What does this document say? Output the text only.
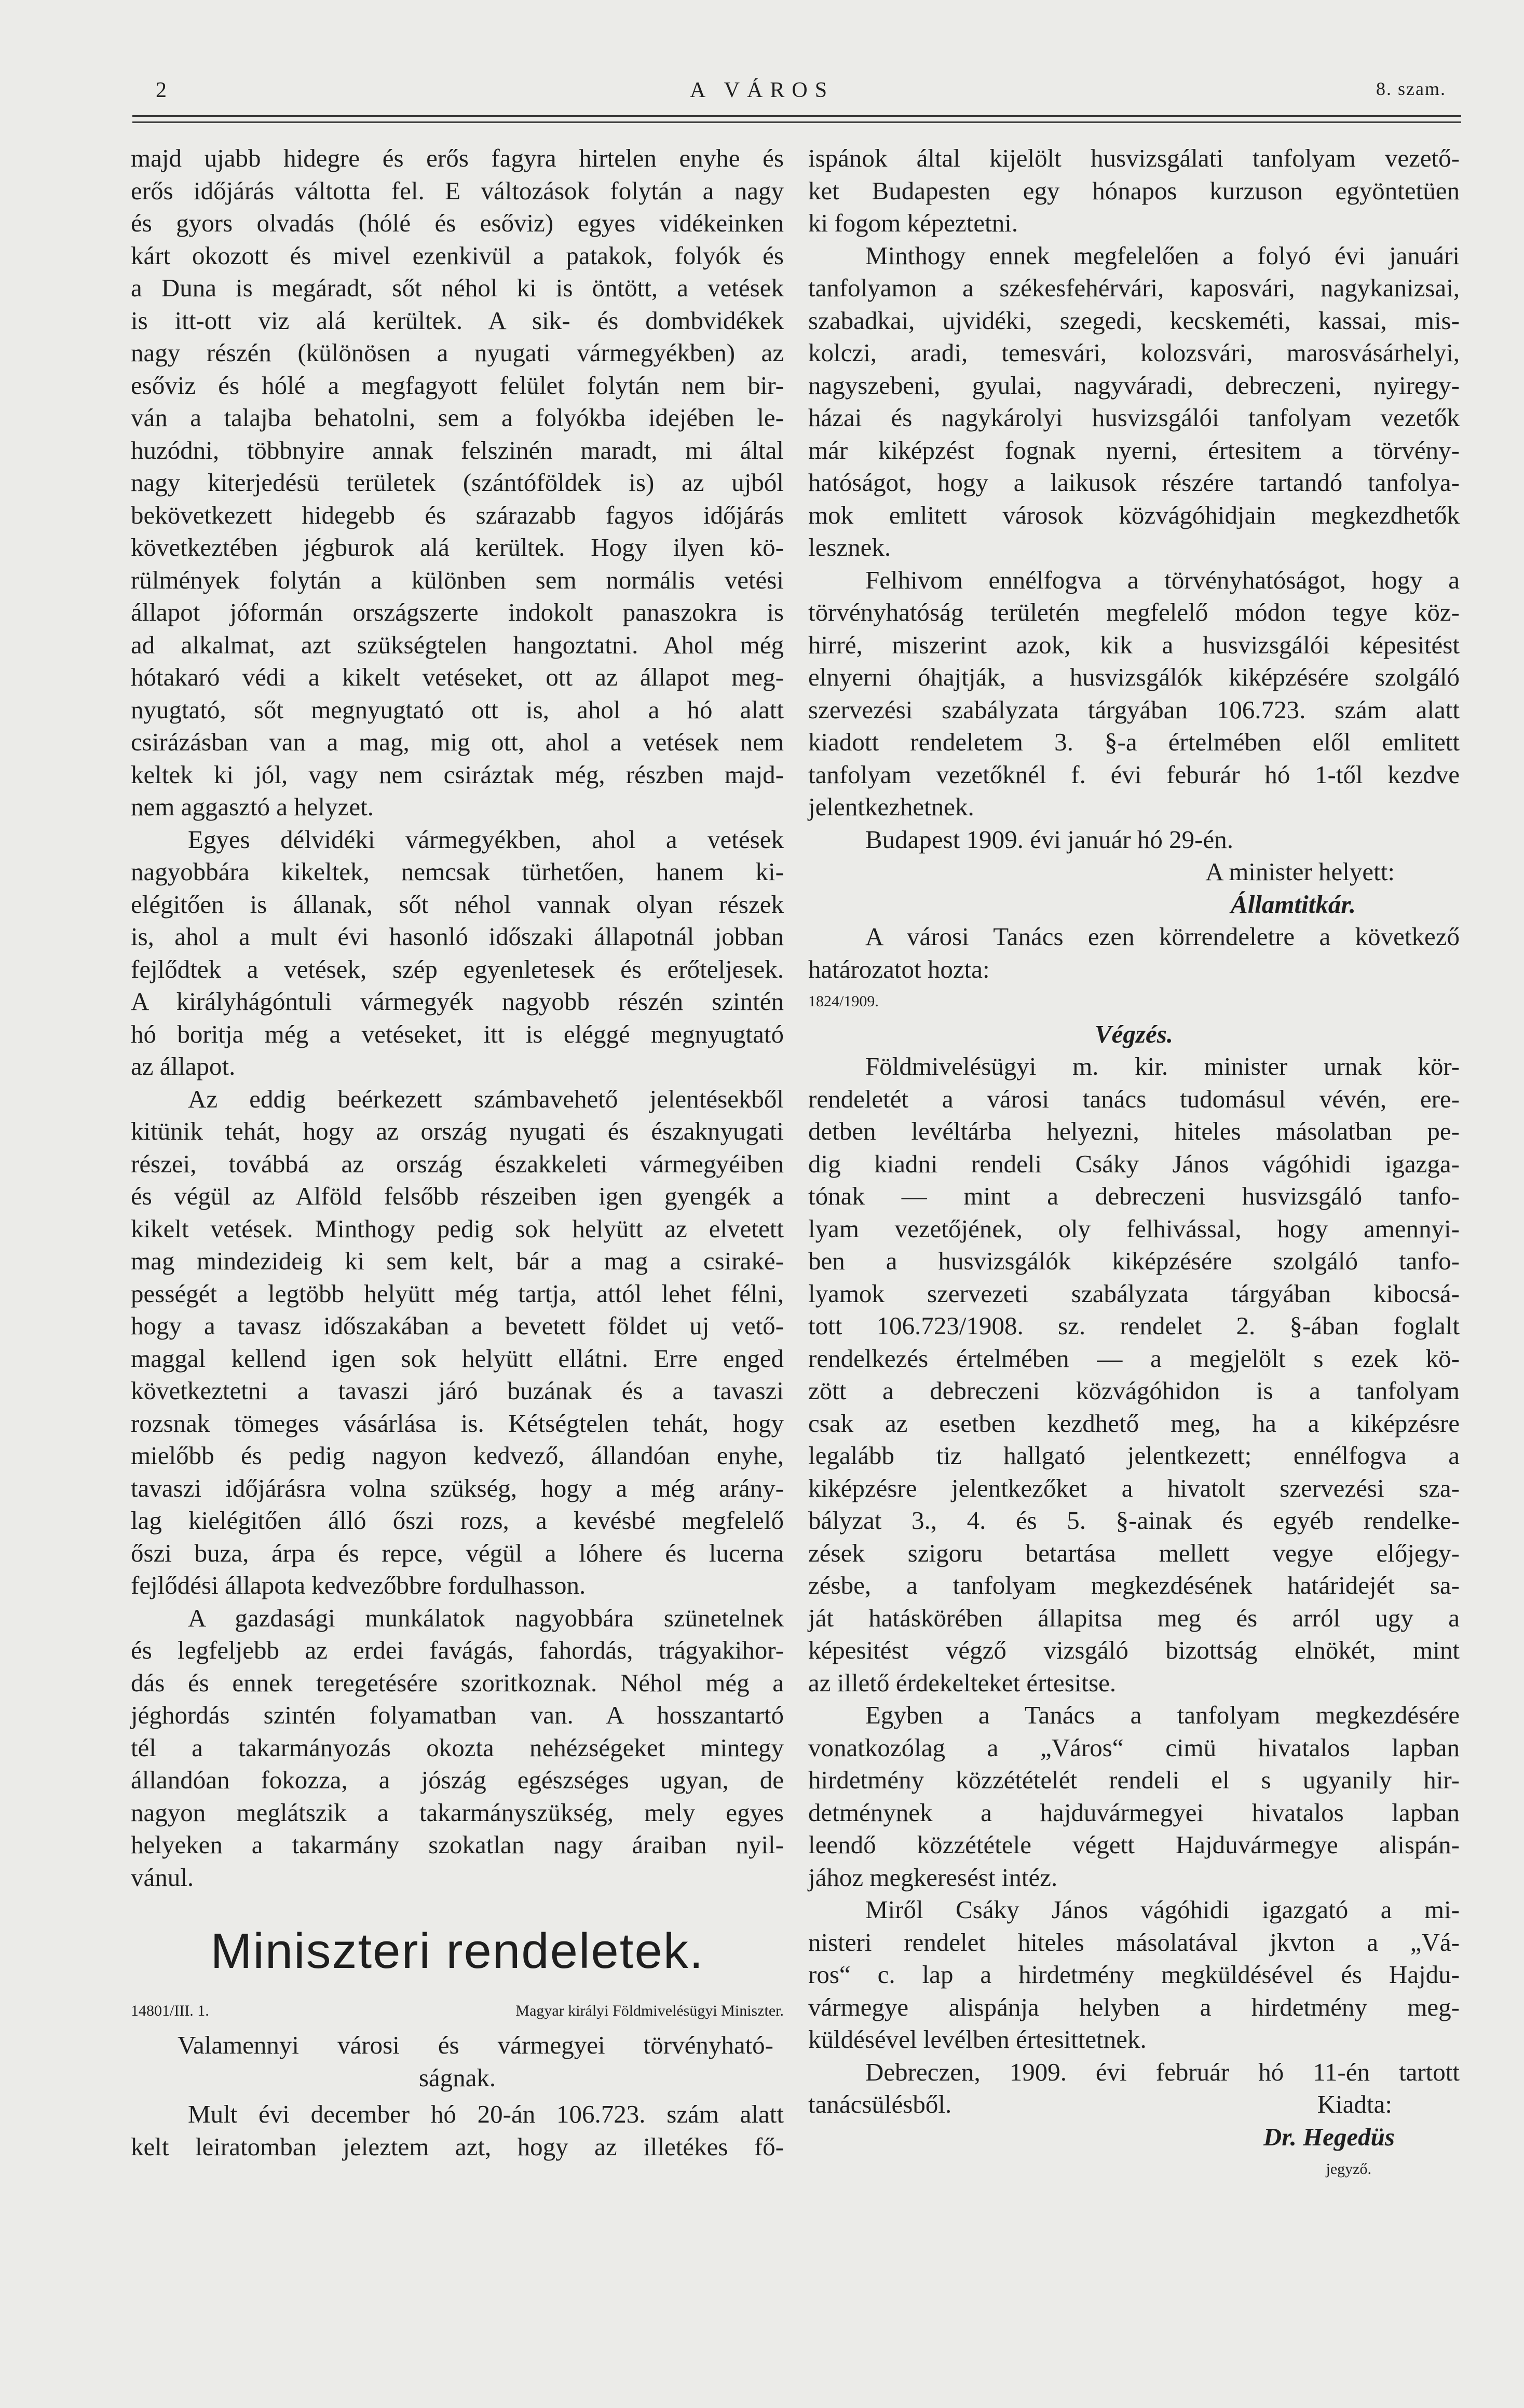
2	A VÁROS	8. szam.
majd ujabb hidegre és erős fagyra hirtelen enyhe és
erős időjárás váltotta fel. E változások folytán a nagy
és gyors olvadás (hólé és esőviz) egyes vidékeinken
kárt okozott és mivel ezenkivül a patakok, folyók és
a Duna is megáradt, sőt néhol ki is öntött, a vetések
is itt-ott viz alá kerültek. A sik- és dombvidékek
nagy részén (különösen a nyugati vármegyékben) az
esőviz és hólé a megfagyott felület folytán nem bir-
ván a talajba behatolni, sem a folyókba idejében le-
huzódni, többnyire annak felszinén maradt, mi által
nagy kiterjedésü területek (szántóföldek is) az ujból
bekövetkezett hidegebb és szárazabb fagyos időjárás
következtében jégburok alá kerültek. Hogy ilyen kö-
rülmények folytán a különben sem normális vetési
állapot jóformán országszerte indokolt panaszokra is
ad alkalmat, azt szükségtelen hangoztatni. Ahol még
hótakaró védi a kikelt vetéseket, ott az állapot meg-
nyugtató, sőt megnyugtató ott is, ahol a hó alatt
csirázásban van a mag, mig ott, ahol a vetések nem
keltek ki jól, vagy nem csiráztak még, részben majd-
nem aggasztó a helyzet.
Egyes délvidéki vármegyékben, ahol a vetések
nagyobbára kikeltek, nemcsak türhetően, hanem ki-
elégitően is állanak, sőt néhol vannak olyan részek
is, ahol a mult évi hasonló időszaki állapotnál jobban
fejlődtek a vetések, szép egyenletesek és erőteljesek.
A királyhágóntuli vármegyék nagyobb részén szintén
hó boritja még a vetéseket, itt is eléggé megnyugtató
az állapot.
Az eddig beérkezett számbavehető jelentésekből
kitünik tehát, hogy az ország nyugati és északnyugati
részei, továbbá az ország északkeleti vármegyéiben
és végül az Alföld felsőbb részeiben igen gyengék a
kikelt vetések. Minthogy pedig sok helyütt az elvetett
mag mindezideig ki sem kelt, bár a mag a csiraké-
pességét a legtöbb helyütt még tartja, attól lehet félni,
hogy a tavasz időszakában a bevetett földet uj vető-
maggal kellend igen sok helyütt ellátni. Erre enged
következtetni a tavaszi járó buzának és a tavaszi
rozsnak tömeges vásárlása is. Kétségtelen tehát, hogy
mielőbb és pedig nagyon kedvező, állandóan enyhe,
tavaszi időjárásra volna szükség, hogy a még arány-
lag kielégitően álló őszi rozs, a kevésbé megfelelő
őszi buza, árpa és repce, végül a lóhere és lucerna
fejlődési állapota kedvezőbbre fordulhasson.
A gazdasági munkálatok nagyobbára szünetelnek
és legfeljebb az erdei favágás, fahordás, trágyakihor-
dás és ennek teregetésére szoritkoznak. Néhol még a
jéghordás szintén folyamatban van. A hosszantartó
tél a takarmányozás okozta nehézségeket mintegy
állandóan fokozza, a jószág egészséges ugyan, de
nagyon meglátszik a takarmányszükség, mely egyes
helyeken a takarmány szokatlan nagy áraiban nyil-
vánul.
ispánok által kijelölt husvizsgálati tanfolyam vezető-
ket Budapesten egy hónapos kurzuson egyöntetüen
ki fogom képeztetni.
Minthogy ennek megfelelően a folyó évi januári
tanfolyamon a székesfehérvári, kaposvári, nagykanizsai,
szabadkai, ujvidéki, szegedi, kecskeméti, kassai, mis-
kolczi, aradi, temesvári, kolozsvári, marosvásárhelyi,
nagyszebeni, gyulai, nagyváradi, debreczeni, nyiregy-
házai és nagykárolyi husvizsgálói tanfolyam vezetők
már kiképzést fognak nyerni, értesitem a törvény-
hatóságot, hogy a laikusok részére tartandó tanfolya-
mok emlitett városok közvágóhidjain megkezdhetők
lesznek.
Felhivom ennélfogva a törvényhatóságot, hogy a
törvényhatóság területén megfelelő módon tegye köz-
hirré, miszerint azok, kik a husvizsgálói képesitést
elnyerni óhajtják, a husvizsgálók kiképzésére szolgáló
szervezési szabályzata tárgyában 106.723. szám alatt
kiadott rendeletem 3. §-a értelmében elől emlitett
tanfolyam vezetőknél f. évi feburár hó 1-től kezdve
jelentkezhetnek.
Budapest 1909. évi január hó 29-én.
A minister helyett:
Államtitkár.
A városi Tanács ezen körrendeletre a következő
határozatot hozta:
1824/1909.
Végzés.
Földmivelésügyi m. kir. minister urnak kör-
rendeletét a városi tanács tudomásul vévén, ere-
detben levéltárba helyezni, hiteles másolatban pe-
dig kiadni rendeli Csáky János vágóhidi igazga-
tónak — mint a debreczeni husvizsgáló tanfo-
lyam vezetőjének, oly felhivással, hogy amennyi-
ben a husvizsgálók kiképzésére szolgáló tanfo-
lyamok szervezeti szabályzata tárgyában kibocsá-
tott 106.723/1908. sz. rendelet 2. §-ában foglalt
rendelkezés értelmében — a megjelölt s ezek kö-
zött a debreczeni közvágóhidon is a tanfolyam
csak az esetben kezdhető meg, ha a kiképzésre
legalább tiz hallgató jelentkezett; ennélfogva a
kiképzésre jelentkezőket a hivatolt szervezési sza-
bályzat 3., 4. és 5. §-ainak és egyéb rendelke-
zések szigoru betartása mellett vegye előjegy-
zésbe, a tanfolyam megkezdésének határidejét sa-
ját hatáskörében állapitsa meg és arról ugy a
képesitést végző vizsgáló bizottság elnökét, mint
az illető érdekelteket értesitse.
Egyben a Tanács a tanfolyam megkezdésére
vonatkozólag a „Város“ cimü hivatalos lapban
hirdetmény közzétételét rendeli el s ugyanily hir-
detménynek a hajduvármegyei hivatalos lapban
leendő közzététele végett Hajduvármegye alispán-
jához megkeresést intéz.
Miről Csáky János vágóhidi igazgató a mi-
nisteri rendelet hiteles másolatával jkvton a „Vá-
ros“ c. lap a hirdetmény megküldésével és Hajdu-
vármegye alispánja helyben a hirdetmény meg-
küldésével levélben értesittetnek.
Debreczen, 1909. évi február hó 11-én tartott
tanácsülésből.	Kiadta:
Dr. Hegedüs
jegyző.
Miniszteri rendeletek.
14801/III. 1.	Magyar királyi Földmivelésügyi Miniszter.
Valamennyi városi és vármegyei törvényható-
ságnak.
Mult évi december hó 20-án 106.723. szám alatt
kelt leiratomban jeleztem azt, hogy az illetékes fő-
